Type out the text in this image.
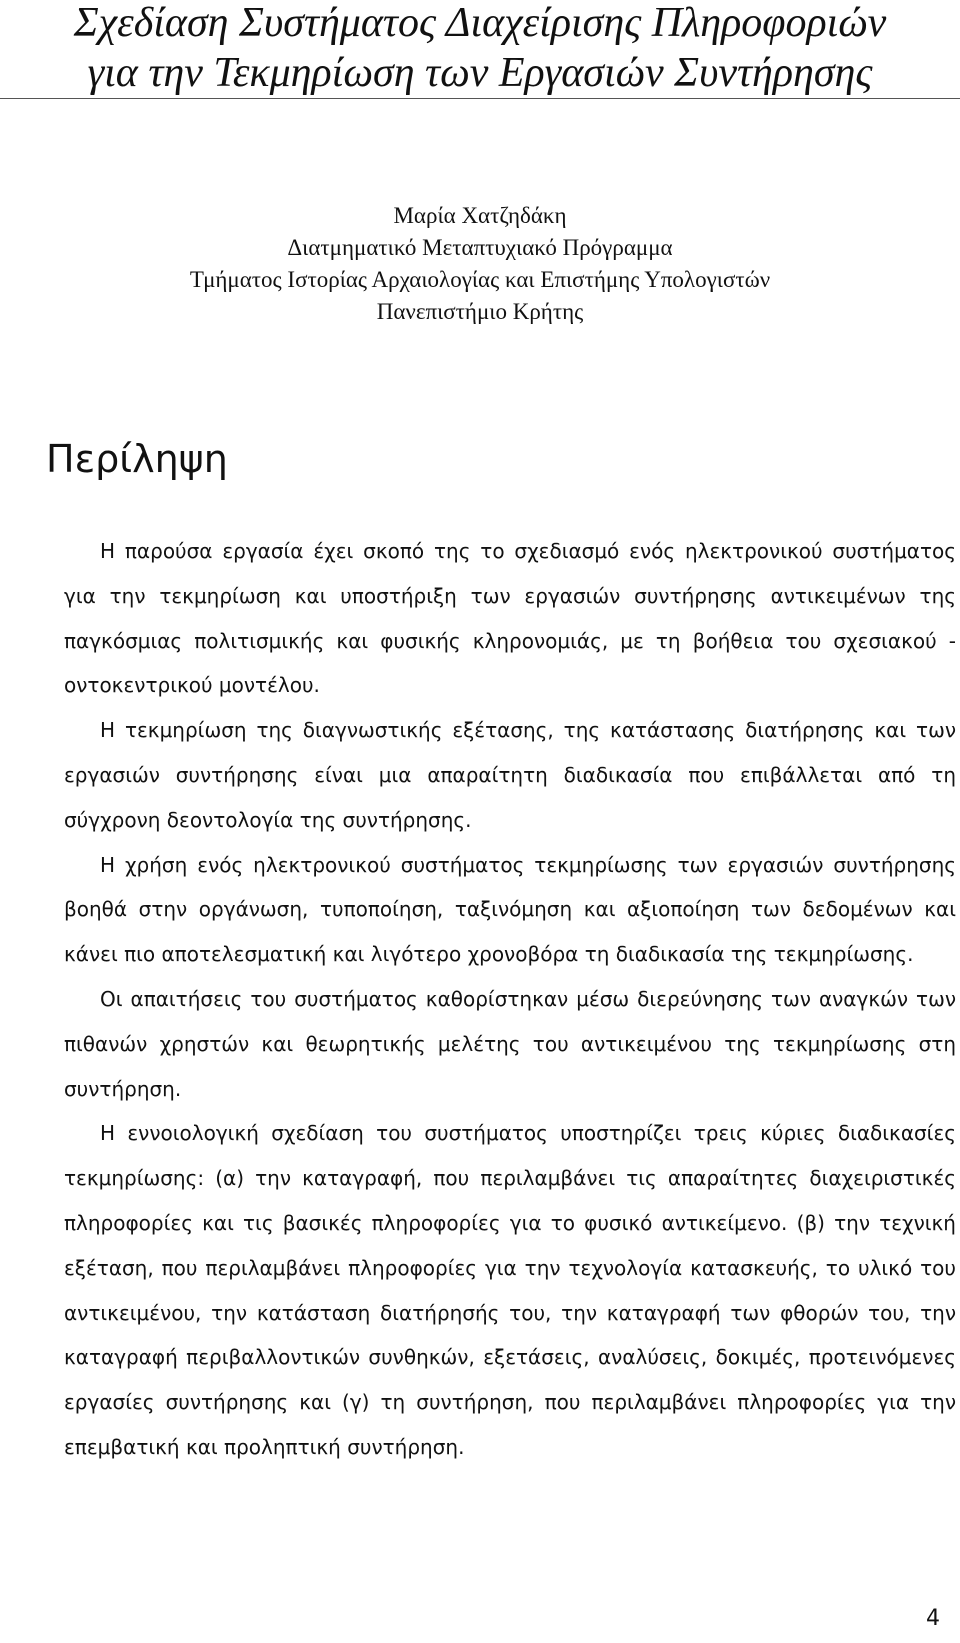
Σχεδίαση Συστήματος Διαχείρισης Πληροφοριών
για την Τεκμηρίωση των Εργασιών Συντήρησης
Μαρία Χατζηδάκη
Διατμηματικό Μεταπτυχιακό Πρόγραμμα
Τμήματος Ιστορίας Αρχαιολογίας και Επιστήμης Υπολογιστών
Πανεπιστήμιο Κρήτης
Περίληψη

Η παρούσα εργασία έχει σκοπό της το σχεδιασμό ενός ηλεκτρονικού συστήματος για την τεκμηρίωση και υποστήριξη των εργασιών συντήρησης αντικειμένων της παγκόσμιας πολιτισμικής και φυσικής κληρονομιάς, με τη βοήθεια του σχεσιακού - οντοκεντρικού μοντέλου.

Η τεκμηρίωση της διαγνωστικής εξέτασης, της κατάστασης διατήρησης και των εργασιών συντήρησης είναι μια απαραίτητη διαδικασία που επιβάλλεται από τη σύγχρονη δεοντολογία της συντήρησης.

Η χρήση ενός ηλεκτρονικού συστήματος τεκμηρίωσης των εργασιών συντήρησης βοηθά στην οργάνωση, τυποποίηση, ταξινόμηση και αξιοποίηση των δεδομένων και κάνει πιο αποτελεσματική και λιγότερο χρονοβόρα τη διαδικασία της τεκμηρίωσης.

Οι απαιτήσεις του συστήματος καθορίστηκαν μέσω διερεύνησης των αναγκών των πιθανών χρηστών και θεωρητικής μελέτης του αντικειμένου της τεκμηρίωσης στη συντήρηση.

Η εννοιολογική σχεδίαση του συστήματος υποστηρίζει τρεις κύριες διαδικασίες τεκμηρίωσης: (α) την καταγραφή, που περιλαμβάνει τις απαραίτητες διαχειριστικές πληροφορίες και τις βασικές πληροφορίες για το φυσικό αντικείμενο. (β) την τεχνική εξέταση, που περιλαμβάνει πληροφορίες για την τεχνολογία κατασκευής, το υλικό του αντικειμένου, την κατάσταση διατήρησής του, την καταγραφή των φθορών του, την καταγραφή περιβαλλοντικών συνθηκών, εξετάσεις, αναλύσεις, δοκιμές, προτεινόμενες εργασίες συντήρησης και (γ) τη συντήρηση, που περιλαμβάνει πληροφορίες για την επεμβατική και προληπτική συντήρηση.

4
